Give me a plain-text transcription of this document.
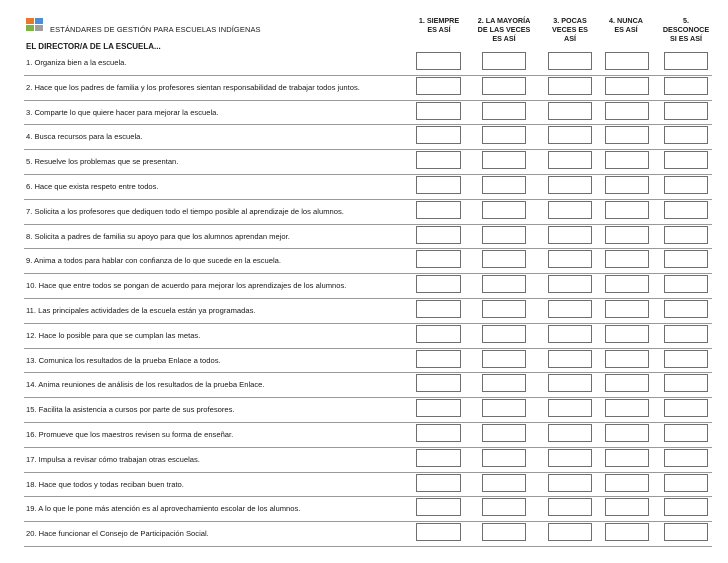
ESTÁNDARES DE GESTIÓN PARA ESCUELAS INDÍGENAS
EL DIRECTOR/A DE LA ESCUELA...
1. SIEMPRE
ES ASÍ
2. LA MAYORÍA
DE LAS VECES
ES ASÍ
3. POCAS
VECES ES
ASÍ
4. NUNCA
ES ASÍ
5.
DESCONOCE
SI ES ASÍ
1. Organiza bien a la escuela.
2. Hace que los padres de familia y los profesores sientan responsabilidad de trabajar todos juntos.
3. Comparte lo que quiere hacer para mejorar la escuela.
4. Busca recursos para la escuela.
5. Resuelve los problemas que se presentan.
6. Hace que exista respeto entre todos.
7. Solicita a los profesores que dediquen todo el tiempo posible al aprendizaje de los alumnos.
8. Solicita a padres de familia su apoyo para que los alumnos aprendan mejor.
9. Anima a todos para hablar con confianza de lo que sucede en la escuela.
10. Hace que entre todos se pongan de acuerdo para mejorar los aprendizajes de los alumnos.
11. Las principales actividades de la escuela están ya programadas.
12. Hace lo posible para que se cumplan las metas.
13. Comunica los resultados de la prueba Enlace a todos.
14. Anima reuniones de análisis de los resultados de la prueba Enlace.
15. Facilita la asistencia a cursos por parte de sus profesores.
16. Promueve que los maestros revisen su forma de enseñar.
17. Impulsa a revisar cómo trabajan otras escuelas.
18. Hace que todos y todas reciban buen trato.
19. A lo que le pone más atención es al aprovechamiento escolar de los alumnos.
20. Hace funcionar el Consejo de Participación Social.
